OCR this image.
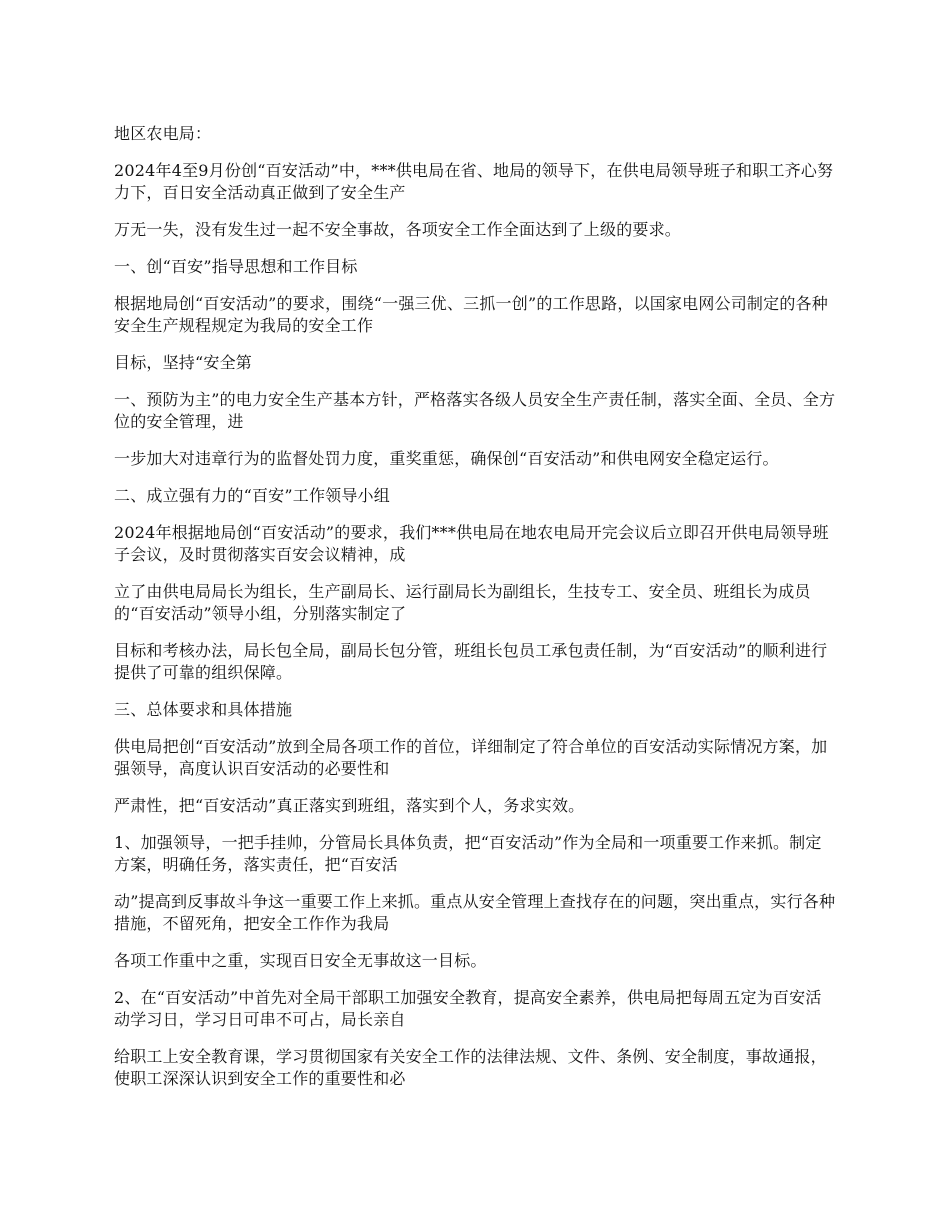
地区农电局：

2024年4至9月份创“百安活动”中，***供电局在省、地局的领导下，在供电局领导班子和职工齐心努力下，百日安全活动真正做到了安全生产

万无一失，没有发生过一起不安全事故，各项安全工作全面达到了上级的要求。

一、创“百安”指导思想和工作目标

根据地局创“百安活动”的要求，围绕“一强三优、三抓一创”的工作思路，以国家电网公司制定的各种安全生产规程规定为我局的安全工作

目标，坚持“安全第

一、预防为主”的电力安全生产基本方针，严格落实各级人员安全生产责任制，落实全面、全员、全方位的安全管理，进

一步加大对违章行为的监督处罚力度，重奖重惩，确保创“百安活动”和供电网安全稳定运行。

二、成立强有力的“百安”工作领导小组

2024年根据地局创“百安活动”的要求，我们***供电局在地农电局开完会议后立即召开供电局领导班子会议，及时贯彻落实百安会议精神，成

立了由供电局局长为组长，生产副局长、运行副局长为副组长，生技专工、安全员、班组长为成员的“百安活动”领导小组，分别落实制定了

目标和考核办法，局长包全局，副局长包分管，班组长包员工承包责任制，为“百安活动”的顺利进行提供了可靠的组织保障。

三、总体要求和具体措施

供电局把创“百安活动”放到全局各项工作的首位，详细制定了符合单位的百安活动实际情况方案，加强领导，高度认识百安活动的必要性和

严肃性，把“百安活动”真正落实到班组，落实到个人，务求实效。

1、加强领导，一把手挂帅，分管局长具体负责，把“百安活动”作为全局和一项重要工作来抓。制定方案，明确任务，落实责任，把“百安活

动”提高到反事故斗争这一重要工作上来抓。重点从安全管理上查找存在的问题，突出重点，实行各种措施，不留死角，把安全工作作为我局

各项工作重中之重，实现百日安全无事故这一目标。

2、在“百安活动”中首先对全局干部职工加强安全教育，提高安全素养，供电局把每周五定为百安活动学习日，学习日可串不可占，局长亲自

给职工上安全教育课，学习贯彻国家有关安全工作的法律法规、文件、条例、安全制度，事故通报，使职工深深认识到安全工作的重要性和必
